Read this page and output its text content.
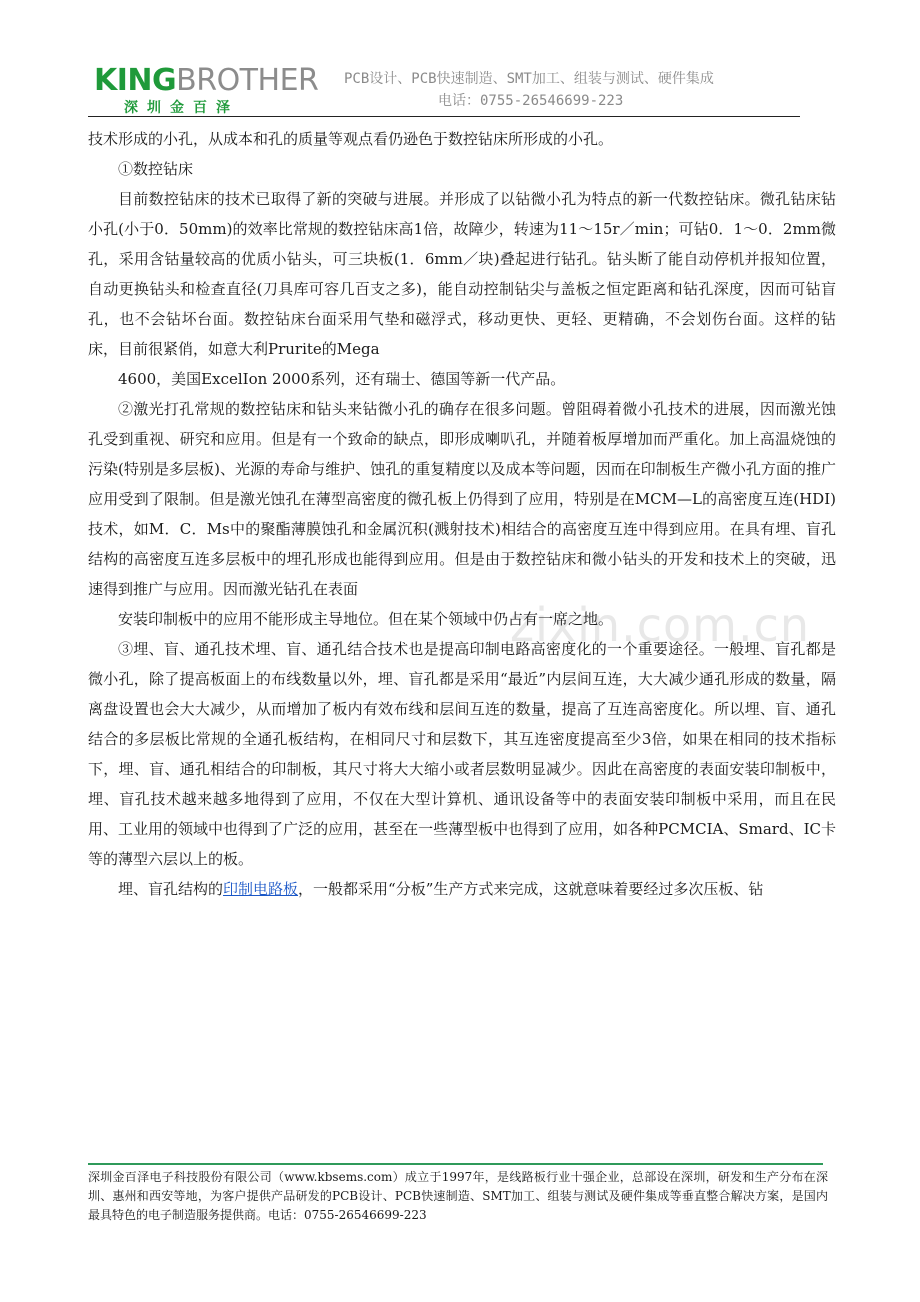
KINGBROTHER
深圳金百泽
PCB设计、PCB快速制造、SMT加工、组装与测试、硬件集成
电话：0755-26546699-223
zixin.com.cn

技术形成的小孔，从成本和孔的质量等观点看仍逊色于数控钻床所形成的小孔。

①数控钻床

目前数控钻床的技术已取得了新的突破与进展。并形成了以钻微小孔为特点的新一代数控钻床。微孔钻床钻小孔(小于0．50mm)的效率比常规的数控钻床高1倍，故障少，转速为11～15r／min；可钻0．1～0．2mm微孔，采用含钴量较高的优质小钻头，可三块板(1．6mm／块)叠起进行钻孔。钻头断了能自动停机并报知位置，自动更换钻头和检查直径(刀具库可容几百支之多)，能自动控制钻尖与盖板之恒定距离和钻孔深度，因而可钻盲孔，也不会钻坏台面。数控钻床台面采用气垫和磁浮式，移动更快、更轻、更精确，不会划伤台面。这样的钻床，目前很紧俏，如意大利Prurite的Mega

4600，美国ExcelIon 2000系列，还有瑞士、德国等新一代产品。

②激光打孔常规的数控钻床和钻头来钻微小孔的确存在很多问题。曾阻碍着微小孔技术的进展，因而激光蚀孔受到重视、研究和应用。但是有一个致命的缺点，即形成喇叭孔，并随着板厚增加而严重化。加上高温烧蚀的污染(特别是多层板)、光源的寿命与维护、蚀孔的重复精度以及成本等问题，因而在印制板生产微小孔方面的推广应用受到了限制。但是激光蚀孔在薄型高密度的微孔板上仍得到了应用，特别是在MCM—L的高密度互连(HDI)技术，如M．C．Ms中的聚酯薄膜蚀孔和金属沉积(溅射技术)相结合的高密度互连中得到应用。在具有埋、盲孔结构的高密度互连多层板中的埋孔形成也能得到应用。但是由于数控钻床和微小钻头的开发和技术上的突破，迅速得到推广与应用。因而激光钻孔在表面

安装印制板中的应用不能形成主导地位。但在某个领域中仍占有一席之地。

③埋、盲、通孔技术埋、盲、通孔结合技术也是提高印制电路高密度化的一个重要途径。一般埋、盲孔都是微小孔，除了提高板面上的布线数量以外，埋、盲孔都是采用“最近”内层间互连，大大减少通孔形成的数量，隔离盘设置也会大大减少，从而增加了板内有效布线和层间互连的数量，提高了互连高密度化。所以埋、盲、通孔结合的多层板比常规的全通孔板结构，在相同尺寸和层数下，其互连密度提高至少3倍，如果在相同的技术指标下，埋、盲、通孔相结合的印制板，其尺寸将大大缩小或者层数明显减少。因此在高密度的表面安装印制板中，埋、盲孔技术越来越多地得到了应用，不仅在大型计算机、通讯设备等中的表面安装印制板中采用，而且在民用、工业用的领域中也得到了广泛的应用，甚至在一些薄型板中也得到了应用，如各种PCMCIA、Smard、IC卡等的薄型六层以上的板。

埋、盲孔结构的印制电路板，一般都采用“分板”生产方式来完成，这就意味着要经过多次压板、钻

深圳金百泽电子科技股份有限公司（www.kbsems.com）成立于1997年，是线路板行业十强企业，总部设在深圳，研发和生产分布在深圳、惠州和西安等地，为客户提供产品研发的PCB设计、PCB快速制造、SMT加工、组装与测试及硬件集成等垂直整合解决方案，是国内最具特色的电子制造服务提供商。电话：0755-26546699-223
